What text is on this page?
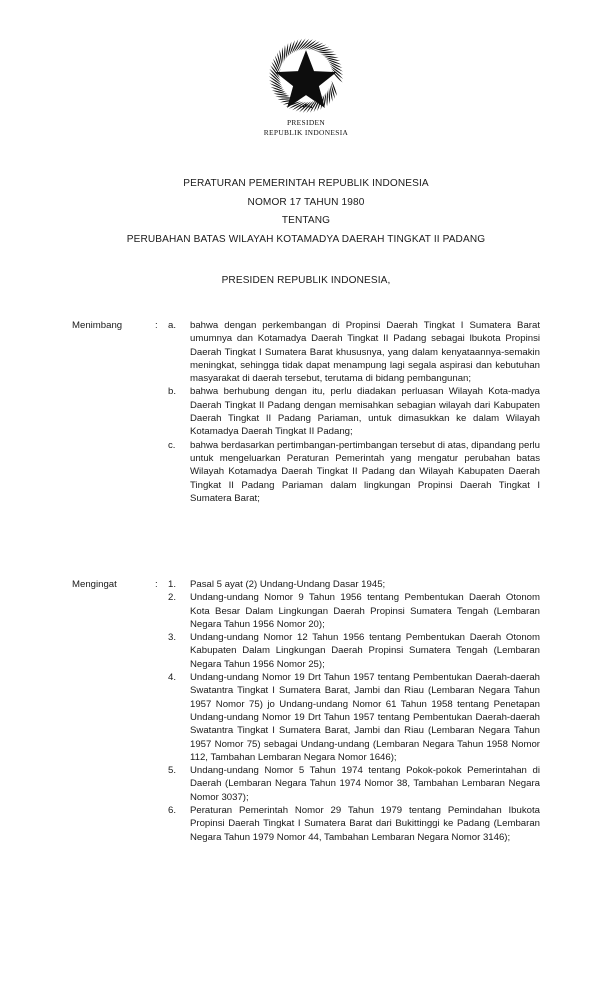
PRESIDEN
REPUBLIK INDONESIA
PERATURAN PEMERINTAH REPUBLIK INDONESIA
NOMOR 17 TAHUN 1980
TENTANG
PERUBAHAN BATAS WILAYAH KOTAMADYA DAERAH TINGKAT II PADANG
PRESIDEN REPUBLIK INDONESIA,
Menimbang	:	a.	bahwa dengan perkembangan di Propinsi Daerah Tingkat I Sumatera Barat umumnya dan Kotamadya Daerah Tingkat II Padang sebagai lbukota Propinsi Daerah Tingkat I Sumatera Barat khususnya, yang dalam kenyataannya-semakin meningkat, sehingga tidak dapat menampung lagi segala aspirasi dan kebutuhan masyarakat di daerah tersebut, terutama di bidang pembangunan;
b.	bahwa berhubung dengan itu, perlu diadakan perluasan Wilayah Kota-madya Daerah Tingkat II Padang dengan memisahkan sebagian wilayah dari Kabupaten Daerah Tingkat II Padang Pariaman, untuk dimasukkan ke dalam Wilayah Kotamadya Daerah Tingkat II Padang;
c.	bahwa berdasarkan pertimbangan-pertimbangan tersebut di atas, dipandang perlu untuk mengeluarkan Peraturan Pemerintah yang mengatur perubahan batas Wilayah Kotamadya Daerah Tingkat II Padang dan Wilayah Kabupaten Daerah Tingkat II Padang Pariaman dalam lingkungan Propinsi Daerah Tingkat I Sumatera Barat;
Mengingat	:	1.	Pasal 5 ayat (2) Undang-Undang Dasar 1945;
2.	Undang-undang Nomor 9 Tahun 1956 tentang Pembentukan Daerah Otonom Kota Besar Dalam Lingkungan Daerah Propinsi Sumatera Tengah (Lembaran Negara Tahun 1956 Nomor 20);
3.	Undang-undang Nomor 12 Tahun 1956 tentang Pembentukan Daerah Otonom Kabupaten Dalam Lingkungan Daerah Propinsi Sumatera Tengah (Lembaran Negara Tahun 1956 Nomor 25);
4.	Undang-undang Nomor 19 Drt Tahun 1957 tentang Pembentukan Daerah-daerah Swatantra Tingkat I Sumatera Barat, Jambi dan Riau (Lembaran Negara Tahun 1957 Nomor 75) jo Undang-undang Nomor 61 Tahun 1958 tentang Penetapan Undang-undang Nomor 19 Drt Tahun 1957 tentang Pembentukan Daerah-daerah Swatantra Tingkat I Sumatera Barat, Jambi dan Riau (Lembaran Negara Tahun 1957 Nomor 75) sebagai Undang-undang (Lembaran Negara Tahun 1958 Nomor 112, Tambahan Lembaran Negara Nomor 1646);
5.	Undang-undang Nomor 5 Tahun 1974 tentang Pokok-pokok Pemerintahan di Daerah (Lembaran Negara Tahun 1974 Nomor 38, Tambahan Lembaran Negara Nomor 3037);
6.	Peraturan Pemerintah Nomor 29 Tahun 1979 tentang Pemindahan Ibukota Propinsi Daerah Tingkat I Sumatera Barat dari Bukittinggi ke Padang (Lembaran Negara Tahun 1979 Nomor 44, Tambahan Lembaran Negara Nomor 3146);
